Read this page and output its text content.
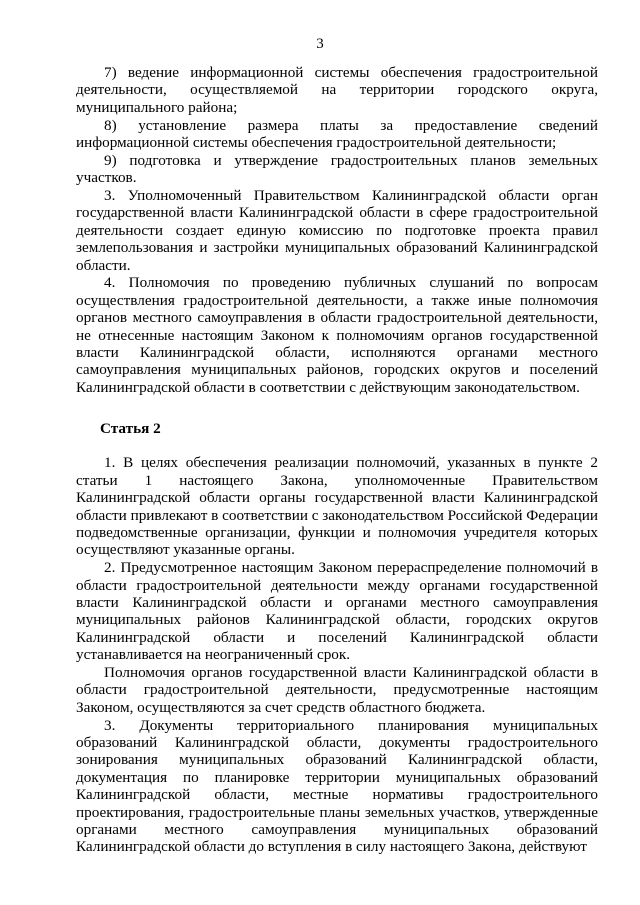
3

7) ведение информационной системы обеспечения градостроительной деятельности, осуществляемой на территории городского округа, муниципального района;

8) установление размера платы за предоставление сведений информационной системы обеспечения градостроительной деятельности;

9) подготовка и утверждение градостроительных планов земельных участков.

3. Уполномоченный Правительством Калининградской области орган государственной власти Калининградской области в сфере градостроительной деятельности создает единую комиссию по подготовке проекта правил землепользования и застройки муниципальных образований Калининградской области.

4. Полномочия по проведению публичных слушаний по вопросам осуществления градостроительной деятельности, а также иные полномочия органов местного самоуправления в области градостроительной деятельности, не отнесенные настоящим Законом к полномочиям органов государственной власти Калининградской области, исполняются органами местного самоуправления муниципальных районов, городских округов и поселений Калининградской области в соответствии с действующим законодательством.

Статья 2

1. В целях обеспечения реализации полномочий, указанных в пункте 2 статьи 1 настоящего Закона, уполномоченные Правительством Калининградской области органы государственной власти Калининградской области привлекают в соответствии с законодательством Российской Федерации подведомственные организации, функции и полномочия учредителя которых осуществляют указанные органы.

2. Предусмотренное настоящим Законом перераспределение полномочий в области градостроительной деятельности между органами государственной власти Калининградской области и органами местного самоуправления муниципальных районов Калининградской области, городских округов Калининградской области и поселений Калининградской области устанавливается на неограниченный срок.

Полномочия органов государственной власти Калининградской области в области градостроительной деятельности, предусмотренные настоящим Законом, осуществляются за счет средств областного бюджета.

3. Документы территориального планирования муниципальных образований Калининградской области, документы градостроительного зонирования муниципальных образований Калининградской области, документация по планировке территории муниципальных образований Калининградской области, местные нормативы градостроительного проектирования, градостроительные планы земельных участков, утвержденные органами местного самоуправления муниципальных образований Калининградской области до вступления в силу настоящего Закона, действуют
